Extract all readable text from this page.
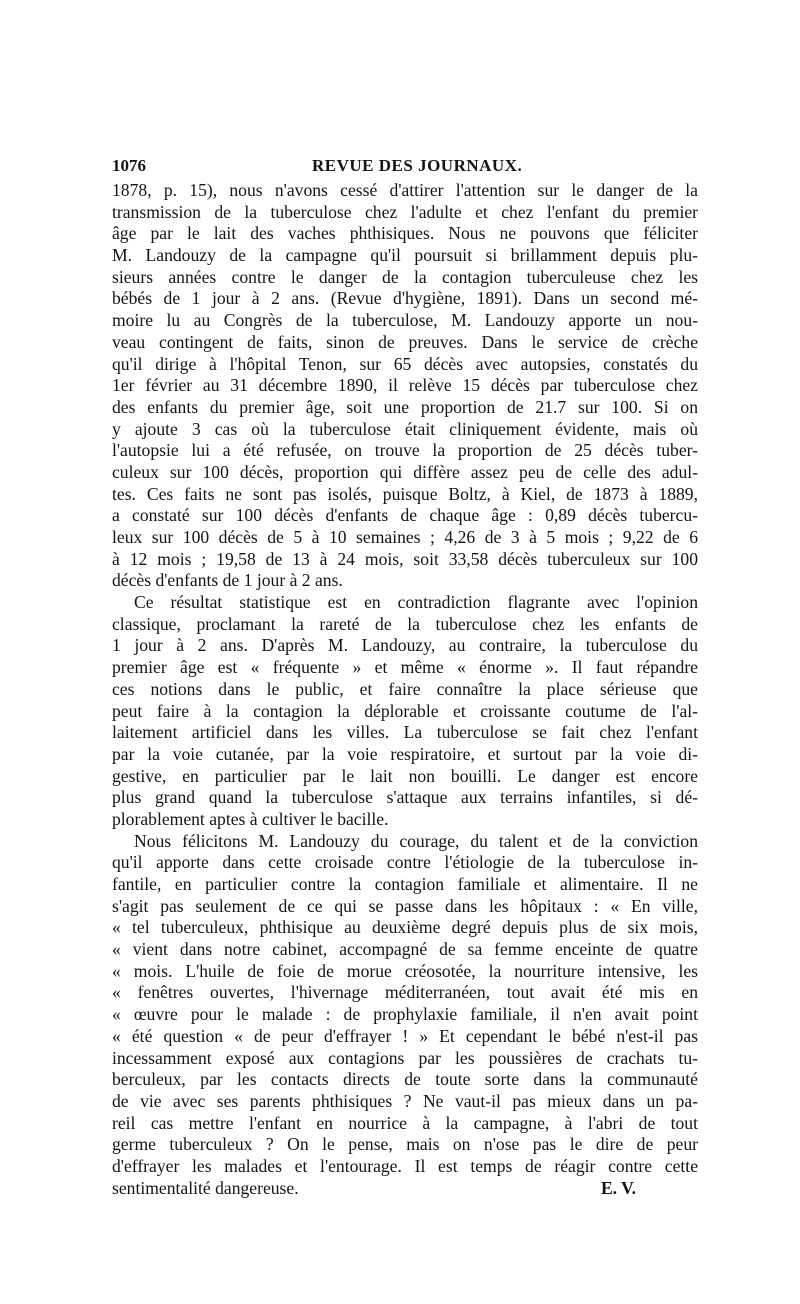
1076	REVUE DES JOURNAUX.
1878, p. 15), nous n'avons cessé d'attirer l'attention sur le danger de la
transmission de la tuberculose chez l'adulte et chez l'enfant du premier
âge par le lait des vaches phthisiques. Nous ne pouvons que féliciter
M. Landouzy de la campagne qu'il poursuit si brillamment depuis plu-
sieurs années contre le danger de la contagion tuberculeuse chez les
bébés de 1 jour à 2 ans. (Revue d'hygiène, 1891). Dans un second mé-
moire lu au Congrès de la tuberculose, M. Landouzy apporte un nou-
veau contingent de faits, sinon de preuves. Dans le service de crèche
qu'il dirige à l'hôpital Tenon, sur 65 décès avec autopsies, constatés du
1er février au 31 décembre 1890, il relève 15 décès par tuberculose chez
des enfants du premier âge, soit une proportion de 21.7 sur 100. Si on
y ajoute 3 cas où la tuberculose était cliniquement évidente, mais où
l'autopsie lui a été refusée, on trouve la proportion de 25 décès tuber-
culeux sur 100 décès, proportion qui diffère assez peu de celle des adul-
tes. Ces faits ne sont pas isolés, puisque Boltz, à Kiel, de 1873 à 1889,
a constaté sur 100 décès d'enfants de chaque âge : 0,89 décès tubercu-
leux sur 100 décès de 5 à 10 semaines ; 4,26 de 3 à 5 mois ; 9,22 de 6
à 12 mois ; 19,58 de 13 à 24 mois, soit 33,58 décès tuberculeux sur 100
décès d'enfants de 1 jour à 2 ans.
Ce résultat statistique est en contradiction flagrante avec l'opinion
classique, proclamant la rareté de la tuberculose chez les enfants de
1 jour à 2 ans. D'après M. Landouzy, au contraire, la tuberculose du
premier âge est « fréquente » et même « énorme ». Il faut répandre
ces notions dans le public, et faire connaître la place sérieuse que
peut faire à la contagion la déplorable et croissante coutume de l'al-
laitement artificiel dans les villes. La tuberculose se fait chez l'enfant
par la voie cutanée, par la voie respiratoire, et surtout par la voie di-
gestive, en particulier par le lait non bouilli. Le danger est encore
plus grand quand la tuberculose s'attaque aux terrains infantiles, si dé-
plorablement aptes à cultiver le bacille.
Nous félicitons M. Landouzy du courage, du talent et de la conviction
qu'il apporte dans cette croisade contre l'étiologie de la tuberculose in-
fantile, en particulier contre la contagion familiale et alimentaire. Il ne
s'agit pas seulement de ce qui se passe dans les hôpitaux : « En ville,
« tel tuberculeux, phthisique au deuxième degré depuis plus de six mois,
« vient dans notre cabinet, accompagné de sa femme enceinte de quatre
« mois. L'huile de foie de morue créosotée, la nourriture intensive, les
« fenêtres ouvertes, l'hivernage méditerranéen, tout avait été mis en
« œuvre pour le malade : de prophylaxie familiale, il n'en avait point
« été question « de peur d'effrayer ! » Et cependant le bébé n'est-il pas
incessamment exposé aux contagions par les poussières de crachats tu-
berculeux, par les contacts directs de toute sorte dans la communauté
de vie avec ses parents phthisiques ? Ne vaut-il pas mieux dans un pa-
reil cas mettre l'enfant en nourrice à la campagne, à l'abri de tout
germe tuberculeux ? On le pense, mais on n'ose pas le dire de peur
d'effrayer les malades et l'entourage. Il est temps de réagir contre cette
sentimentalité dangereuse.	E. V.
